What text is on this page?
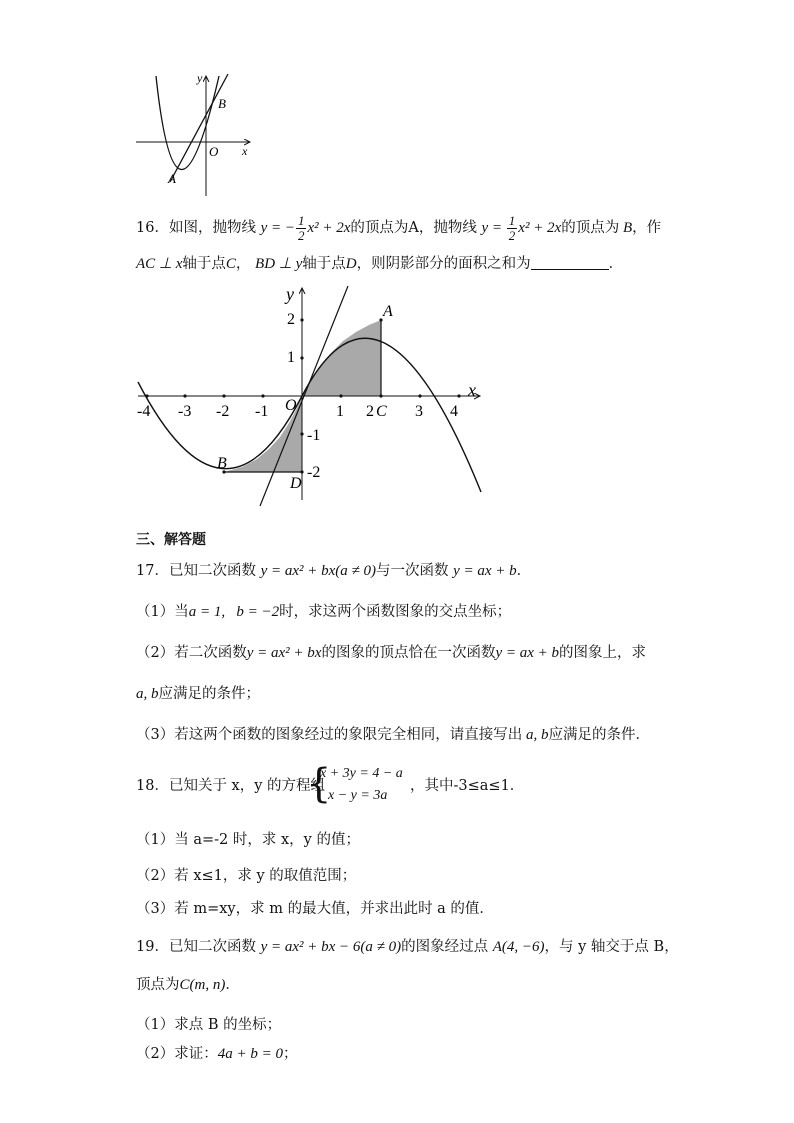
y
x
O
A
B
16．如图，抛物线 y = − $\frac{1}{2} x^2 + 2x$的顶点为A，抛物线 $y = \frac{1}{2} x^2 + 2x$的顶点为 B，作
AC ⊥ x轴于点C， BD ⊥ y轴于点D，则阴影部分的面积之和为	．
y
x
O
-4 -3 -2 -1	1 2	3 4
2
1
-1
-2
A
B
C
D
三、解答题
17．已知二次函数 y = ax² + bx(a ≠ 0)与一次函数 y = ax + b．
（1）当a = 1,   b = −2时，求这两个函数图象的交点坐标；
（2）若二次函数y = ax² + bx的图象的顶点恰在一次函数y = ax + b的图象上，求
a, b应满足的条件；
（3）若这两个函数的图象经过的象限完全相同，请直接写出 a, b应满足的条件．
18．已知关于 x，y 的方程组
{
x + 3y = 4 − a
x − y = 3a
，其中-3≤a≤1．
（1）当 a=-2 时，求 x，y 的值；
（2）若 x≤1，求 y 的取值范围；
（3）若 m=xy，求 m 的最大值，并求出此时 a 的值．
19．已知二次函数 y = ax² + bx − 6(a ≠ 0)的图象经过点 A(4, −6)，与 y 轴交于点 B，
顶点为C(m, n)．
（1）求点 B 的坐标；
（2）求证：4a + b = 0；
